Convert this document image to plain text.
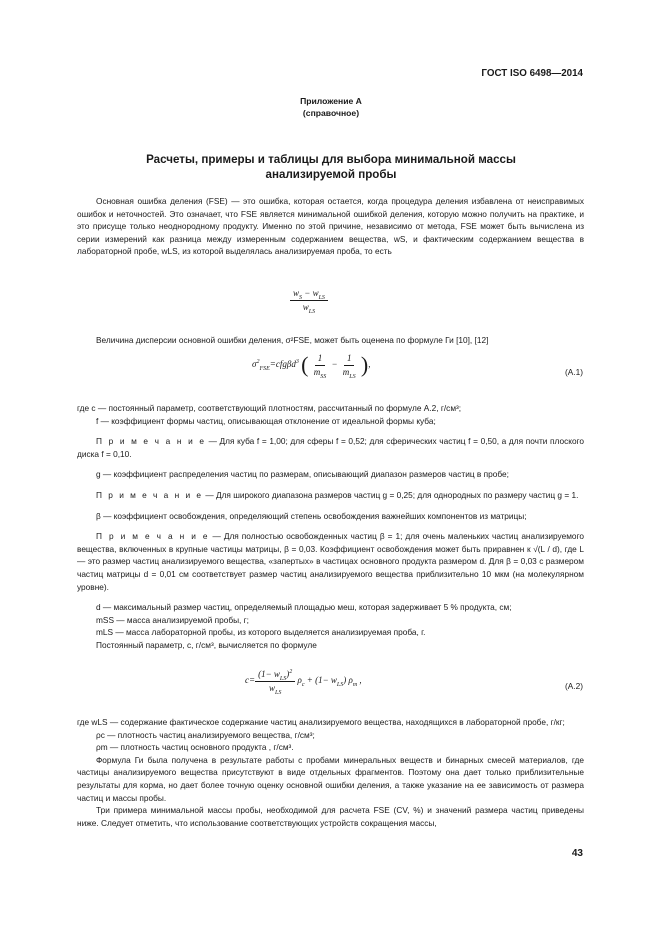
ГОСТ ISO 6498—2014
Приложение А
(справочное)
Расчеты, примеры и таблицы для выбора минимальной массы
анализируемой пробы

Основная ошибка деления (FSE) — это ошибка, которая остается, когда процедура деления избавлена от неисправимых ошибок и неточностей. Это означает, что FSE является минимальной ошибкой деления, которую можно получить на практике, и это присуще только неоднородному продукту. Именно по этой причине, независимо от метода, FSE может быть вычислена из серии измерений как разница между измеренным содержанием вещества, wS, и фактическим содержанием вещества в лабораторной пробе, wLS, из которой выделялась анализируемая проба, то есть

$\frac{w_S - w_{LS}}{w_{LS}}$

Величина дисперсии основной ошибки деления, σ²FSE, может быть оценена по формуле Ги [10], [12]

$\sigma^2_{FSE}=cfg\beta d^3$ ( $\frac{1}{m_{SS}} - \frac{1}{m_{LS}}$ ),
(А.1)

где c — постоянный параметр, соответствующий плотностям, рассчитанный по формуле А.2, г/см³;

f — коэффициент формы частиц, описывающая отклонение от идеальной формы куба;

П р и м е ч а н и е — Для куба f = 1,00; для сферы f = 0,52; для сферических частиц f = 0,50, а для почти плоского диска f = 0,10.

g — коэффициент распределения частиц по размерам, описывающий диапазон размеров частиц в пробе;

П р и м е ч а н и е — Для широкого диапазона размеров частиц g = 0,25; для однородных по размеру частиц g = 1.

β — коэффициент освобождения, определяющий степень освобождения важнейших компонентов из матрицы;

П р и м е ч а н и е — Для полностью освобожденных частиц β = 1; для очень маленьких частиц анализируемого вещества, включенных в крупные частицы матрицы, β = 0,03. Коэффициент освобождения может быть приравнен к √(L / d), где L — это размер частиц анализируемого вещества, «запертых» в частицах основного продукта размером d. Для β = 0,03 с размером частиц матрицы d = 0,01 см соответствует размер частиц анализируемого вещества приблизительно 10 мкм (на молекулярном уровне).

d — максимальный размер частиц, определяемый площадью меш, которая задерживает 5 % продукта, см;

mSS — масса анализируемой пробы, г;

mLS — масса лабораторной пробы, из которого выделяется анализируемая проба, г.

Постоянный параметр, c, г/см³, вычисляется по формуле

$c= \frac{(1- w_{LS})^2}{w_{LS}} \rho_c + (1- w_{LS})$ $\rho_m$ ,
(А.2)

где wLS — содержание фактическое содержание частиц анализируемого вещества, находящихся в лабораторной пробе, г/кг;

ρc — плотность частиц анализируемого вещества, г/см³;

ρm — плотность частиц основного продукта , г/см³.

Формула Ги была получена в результате работы с пробами минеральных веществ и бинарных смесей материалов, где частицы анализируемого вещества присутствуют в виде отдельных фрагментов. Поэтому она дает только приблизительные результаты для корма, но дает более точную оценку основной ошибки деления, а также указание на ее зависимость от размера частиц и массы пробы.

Три примера минимальной массы пробы, необходимой для расчета FSE (CV, %) и значений размера частиц приведены ниже. Следует отметить, что использование соответствующих устройств сокращения массы,

43
